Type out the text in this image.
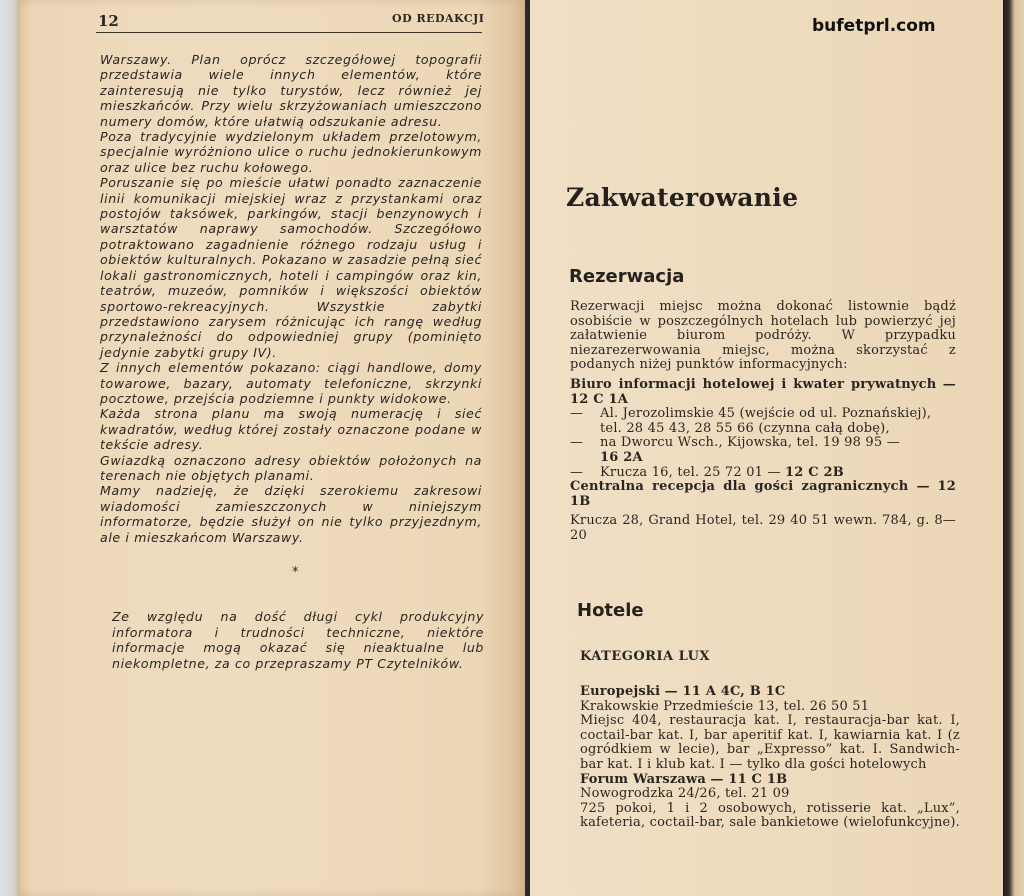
12	OD REDAKCJI

Warszawy. Plan oprócz szczegółowej topografii przedstawia wiele innych elementów, które zainteresują nie tylko turystów, lecz również jej mieszkańców. Przy wielu skrzyżowaniach umieszczono numery domów, które ułatwią odszukanie adresu.

Poza tradycyjnie wydzielonym układem przelotowym, specjalnie wyróżniono ulice o ruchu jednokierunkowym oraz ulice bez ruchu kołowego.

Poruszanie się po mieście ułatwi ponadto zaznaczenie linii komunikacji miejskiej wraz z przystankami oraz postojów taksówek, parkingów, stacji benzynowych i warsztatów naprawy samochodów. Szczegółowo potraktowano zagadnienie różnego rodzaju usług i obiektów kulturalnych. Pokazano w zasadzie pełną sieć lokali gastronomicznych, hoteli i campingów oraz kin, teatrów, muzeów, pomników i większości obiektów sportowo-rekreacyjnych. Wszystkie zabytki przedstawiono zarysem różnicując ich rangę według przynależności do odpowiedniej grupy (pominięto jedynie zabytki grupy IV).

Z innych elementów pokazano: ciągi handlowe, domy towarowe, bazary, automaty telefoniczne, skrzynki pocztowe, przejścia podziemne i punkty widokowe.

Każda strona planu ma swoją numerację i sieć kwadratów, według której zostały oznaczone podane w tekście adresy.

Gwiazdką oznaczono adresy obiektów położonych na terenach nie objętych planami.

Mamy nadzieję, że dzięki szerokiemu zakresowi wiadomości zamieszczonych w niniejszym informatorze, będzie służył on nie tylko przyjezdnym, ale i mieszkańcom Warszawy.

*
Ze względu na dość długi cykl produkcyjny informatora i trudności techniczne, niektóre informacje mogą okazać się nieaktualne lub niekompletne, za co przepraszamy PT Czytelników.
bufetprl.com
Zakwaterowanie
Rezerwacja

Rezerwacji miejsc można dokonać listownie bądź osobiście w poszczególnych hotelach lub powierzyć jej załatwienie biurom podróży. W przypadku niezarezerwowania miejsc, można skorzystać z podanych niżej punktów informacyjnych:

Biuro informacji hotelowej i kwater prywatnych — 12 C 1A

—	Al. Jerozolimskie 45 (wejście od ul. Poznańskiej), tel. 28 45 43, 28 55 66 (czynna całą dobę),
—	na Dworcu Wsch., Kijowska, tel. 19 98 95 —
16 2A
—	Krucza 16, tel. 25 72 01 — 12 C 2B

Centralna recepcja dla gości zagranicznych — 12 1B

Krucza 28, Grand Hotel, tel. 29 40 51 wewn. 784, g. 8—20

Hotele
KATEGORIA LUX

Europejski — 11 A 4C, B 1C

Krakowskie Przedmieście 13, tel. 26 50 51

Miejsc 404, restauracja kat. I, restauracja-bar kat. I, coctail-bar kat. I, bar aperitif kat. I, kawiarnia kat. I (z ogródkiem w lecie), bar „Expresso” kat. I. Sandwich-bar kat. I i klub kat. I — tylko dla gości hotelowych

Forum Warszawa — 11 C 1B

Nowogrodzka 24/26, tel. 21 09

725 pokoi, 1 i 2 osobowych, rotisserie kat. „Lux”, kafeteria, coctail-bar, sale bankietowe (wielofunkcyjne).
